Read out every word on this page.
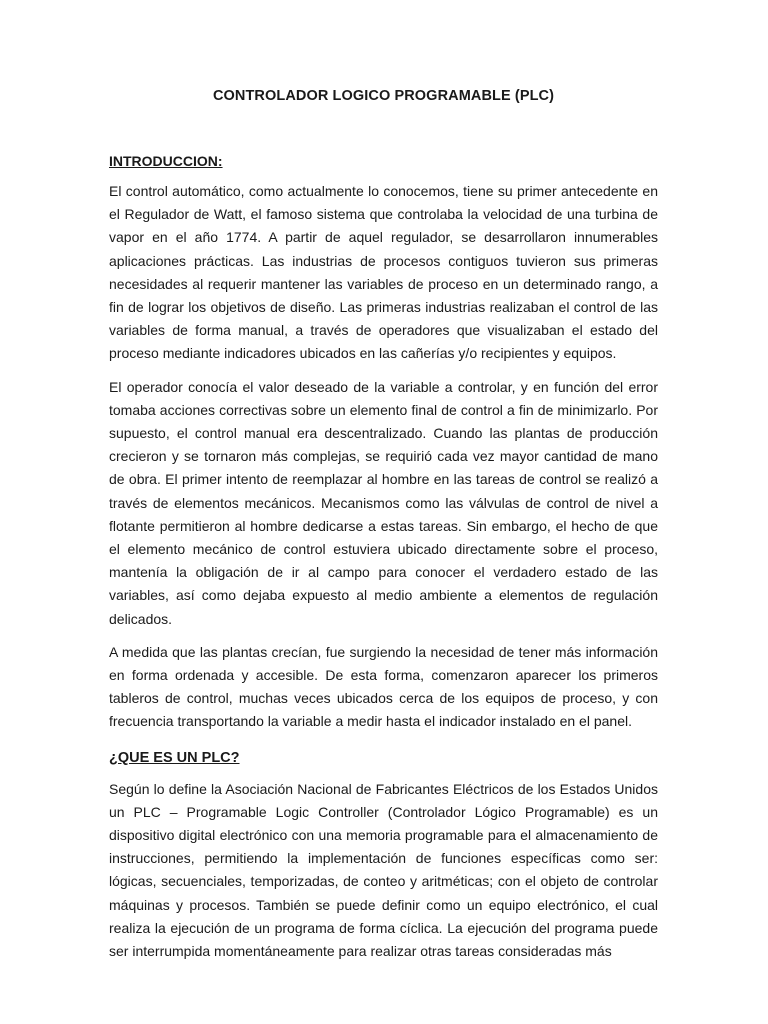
CONTROLADOR LOGICO PROGRAMABLE (PLC)
INTRODUCCION:

El control automático, como actualmente lo conocemos, tiene su primer antecedente en el Regulador de Watt, el famoso sistema que controlaba la velocidad de una turbina de vapor en el año 1774. A partir de aquel regulador, se desarrollaron innumerables aplicaciones prácticas. Las industrias de procesos contiguos tuvieron sus primeras necesidades al requerir mantener las variables de proceso en un determinado rango, a fin de lograr los objetivos de diseño. Las primeras industrias realizaban el control de las variables de forma manual, a través de operadores que visualizaban el estado del proceso mediante indicadores ubicados en las cañerías y/o recipientes y equipos.

El operador conocía el valor deseado de la variable a controlar, y en función del error tomaba acciones correctivas sobre un elemento final de control a fin de minimizarlo. Por supuesto, el control manual era descentralizado. Cuando las plantas de producción crecieron y se tornaron más complejas, se requirió cada vez mayor cantidad de mano de obra. El primer intento de reemplazar al hombre en las tareas de control se realizó a través de elementos mecánicos. Mecanismos como las válvulas de control de nivel a flotante permitieron al hombre dedicarse a estas tareas. Sin embargo, el hecho de que el elemento mecánico de control estuviera ubicado directamente sobre el proceso, mantenía la obligación de ir al campo para conocer el verdadero estado de las variables, así como dejaba expuesto al medio ambiente a elementos de regulación delicados.

A medida que las plantas crecían, fue surgiendo la necesidad de tener más información en forma ordenada y accesible. De esta forma, comenzaron aparecer los primeros tableros de control, muchas veces ubicados cerca de los equipos de proceso, y con frecuencia transportando la variable a medir hasta el indicador instalado en el panel.

¿QUE ES UN PLC?

Según lo define la Asociación Nacional de Fabricantes Eléctricos de los Estados Unidos un PLC – Programable Logic Controller (Controlador Lógico Programable) es un dispositivo digital electrónico con una memoria programable para el almacenamiento de instrucciones, permitiendo la implementación de funciones específicas como ser: lógicas, secuenciales, temporizadas, de conteo y aritméticas; con el objeto de controlar máquinas y procesos. También se puede definir como un equipo electrónico, el cual realiza la ejecución de un programa de forma cíclica. La ejecución del programa puede ser interrumpida momentáneamente para realizar otras tareas consideradas más
